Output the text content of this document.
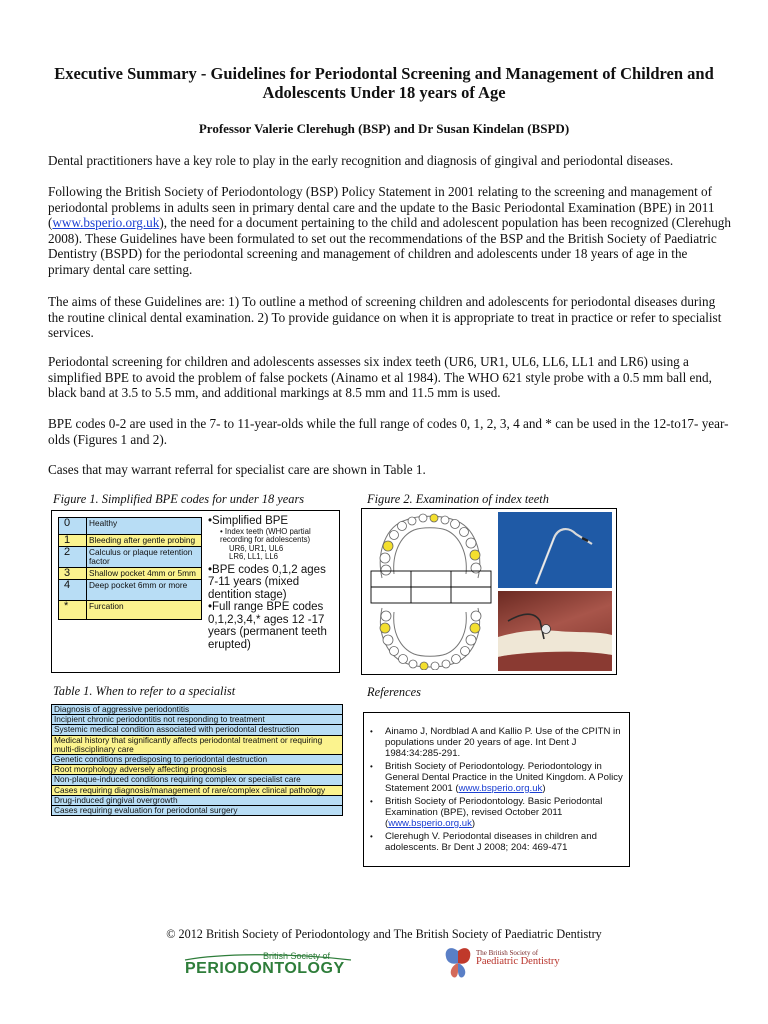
Executive Summary - Guidelines for Periodontal Screening and Management of Children and Adolescents Under 18 years of Age
Professor Valerie Clerehugh (BSP) and Dr Susan Kindelan (BSPD)

Dental practitioners have a key role to play in the early recognition and diagnosis of gingival and periodontal diseases.

Following the British Society of Periodontology (BSP) Policy Statement in 2001 relating to the screening and management of periodontal problems in adults seen in primary dental care and the update to the Basic Periodontal Examination (BPE) in 2011 (www.bsperio.org.uk), the need for a document pertaining to the child and adolescent population has been recognized (Clerehugh 2008). These Guidelines have been formulated to set out the recommendations of the BSP and the British Society of Paediatric Dentistry (BSPD) for the periodontal screening and management of children and adolescents under 18 years of age in the primary dental care setting.

The aims of these Guidelines are: 1) To outline a method of screening children and adolescents for periodontal diseases during the routine clinical dental examination. 2) To provide guidance on when it is appropriate to treat in practice or refer to specialist services.

Periodontal screening for children and adolescents assesses six index teeth (UR6, UR1, UL6, LL6, LL1 and LR6) using a simplified BPE to avoid the problem of false pockets (Ainamo et al 1984). The WHO 621 style probe with a 0.5 mm ball end, black band at 3.5 to 5.5 mm, and additional markings at 8.5 mm and 11.5 mm is used.

BPE codes 0-2 are used in the 7- to 11-year-olds while the full range of codes 0, 1, 2, 3, 4 and * can be used in the 12-to17- year-olds (Figures 1 and 2).

Cases that may warrant referral for specialist care are shown in Table 1.

Figure 1. Simplified BPE codes for under 18 years
0	Healthy
1	Bleeding after gentle probing
2	Calculus or plaque retention factor
3	Shallow pocket 4mm or 5mm
4	Deep pocket 6mm or more
*	Furcation

•Simplified BPE

• Index teeth (WHO partial recording for adolescents)

UR6, UR1, UL6

LR6, LL1, LL6

•BPE codes 0,1,2 ages 7-11 years (mixed dentition stage)

•Full range BPE codes 0,1,2,3,4,* ages 12 -17 years (permanent teeth erupted)

Figure 2. Examination of index teeth
Table 1. When to refer to a specialist
Diagnosis of aggressive periodontitis
Incipient chronic periodontitis not responding to treatment
Systemic medical condition associated with periodontal destruction
Medical history that significantly affects periodontal treatment or requiring multi-disciplinary care
Genetic conditions predisposing to periodontal destruction
Root morphology adversely affecting prognosis
Non-plaque-induced conditions requiring complex or specialist care
Cases requiring diagnosis/management of rare/complex clinical pathology
Drug-induced gingival overgrowth
Cases requiring evaluation for periodontal surgery
References
• Ainamo J, Nordblad A and Kallio P. Use of the CPITN in populations under 20 years of age. Int Dent J 1984:34:285-291.
• British Society of Periodontology. Periodontology in General Dental Practice in the United Kingdom. A Policy Statement 2001 (www.bsperio.org.uk)
• British Society of Periodontology. Basic Periodontal Examination (BPE), revised October 2011 (www.bsperio.org.uk)
• Clerehugh V. Periodontal diseases in children and adolescents. Br Dent J 2008; 204: 469-471
© 2012 British Society of Periodontology and The British Society of Paediatric Dentistry
British Society of
PERIODONTOLOGY
The British Society of
Paediatric Dentistry
